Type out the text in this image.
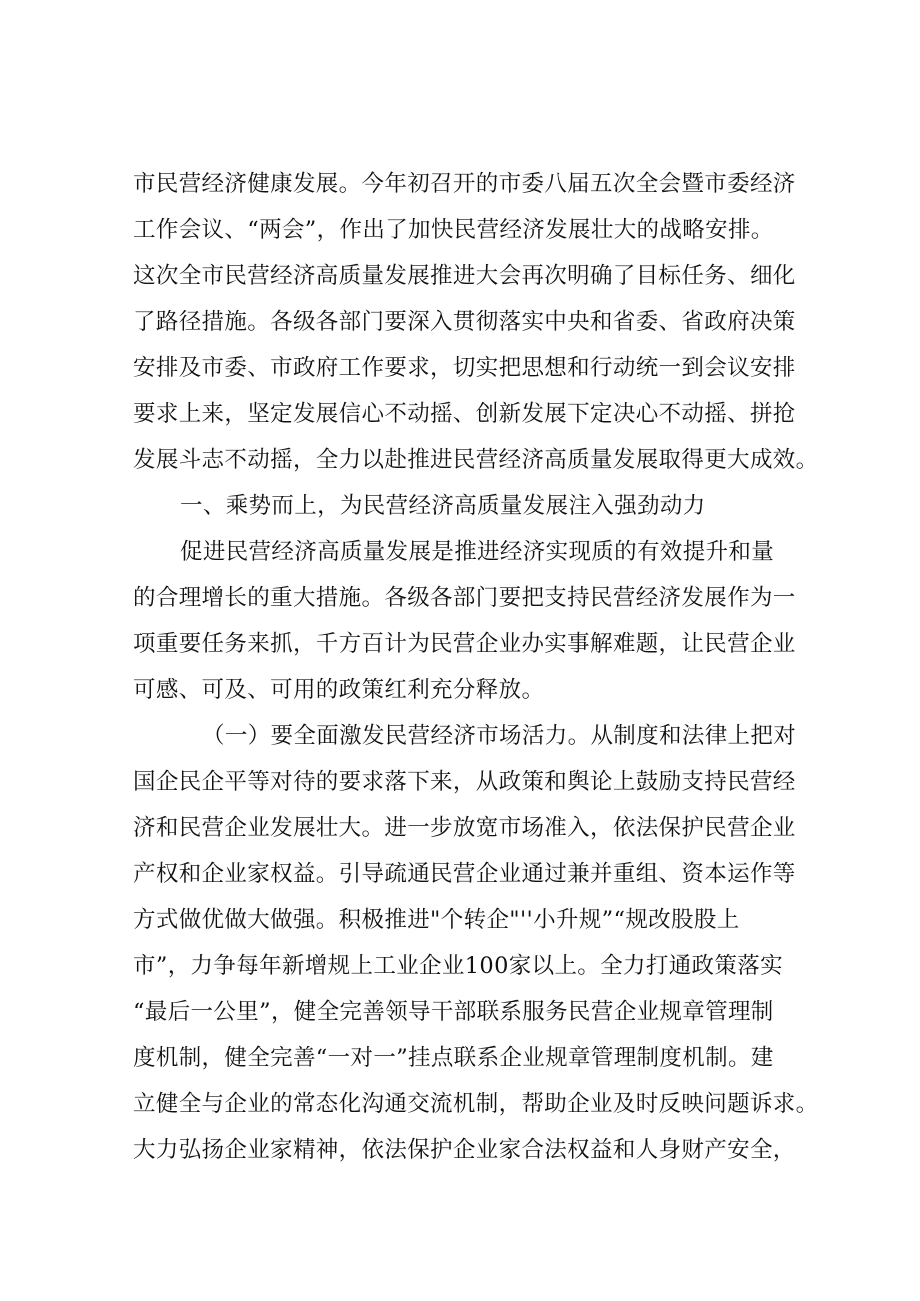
市民营经济健康发展。今年初召开的市委八届五次全会暨市委经济
工作会议、“两会”，作出了加快民营经济发展壮大的战略安排。
这次全市民营经济高质量发展推进大会再次明确了目标任务、细化
了路径措施。各级各部门要深入贯彻落实中央和省委、省政府决策
安排及市委、市政府工作要求，切实把思想和行动统一到会议安排
要求上来，坚定发展信心不动摇、创新发展下定决心不动摇、拼抢
发展斗志不动摇，全力以赴推进民营经济高质量发展取得更大成效。
一、乘势而上，为民营经济高质量发展注入强劲动力
促进民营经济高质量发展是推进经济实现质的有效提升和量
的合理增长的重大措施。各级各部门要把支持民营经济发展作为一
项重要任务来抓，千方百计为民营企业办实事解难题，让民营企业
可感、可及、可用的政策红利充分释放。
（一）要全面激发民营经济市场活力。从制度和法律上把对
国企民企平等对待的要求落下来，从政策和舆论上鼓励支持民营经
济和民营企业发展壮大。进一步放宽市场准入，依法保护民营企业
产权和企业家权益。引导疏通民营企业通过兼并重组、资本运作等
方式做优做大做强。积极推进"个转企"''小升规”“规改股股上
市”，力争每年新增规上工业企业100家以上。全力打通政策落实
“最后一公里”，健全完善领导干部联系服务民营企业规章管理制
度机制，健全完善“一对一”挂点联系企业规章管理制度机制。建
立健全与企业的常态化沟通交流机制，帮助企业及时反映问题诉求。
大力弘扬企业家精神，依法保护企业家合法权益和人身财产安全，
